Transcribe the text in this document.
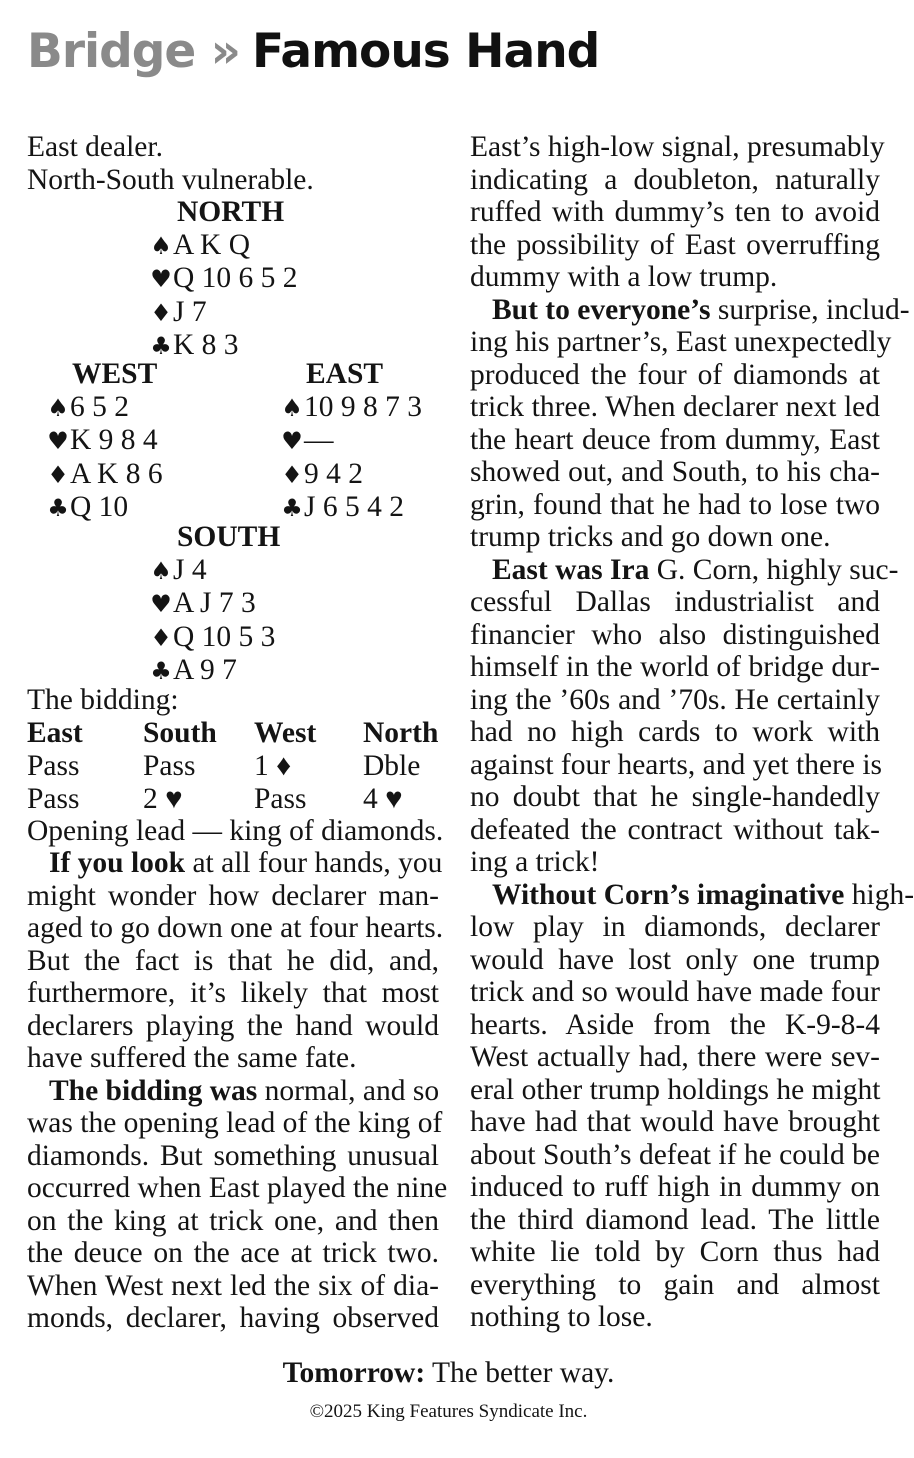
Bridge » Famous Hand
East dealer.
North-South vulnerable.
NORTH
♠A K Q
♥Q 10 6 5 2
♦J 7
♣K 8 3
WEST
♠6 5 2
♥K 9 8 4
♦A K 8 6
♣Q 10
EAST
♠10 9 8 7 3
♥—
♦9 4 2
♣J 6 5 4 2
SOUTH
♠J 4
♥A J 7 3
♦Q 10 5 3
♣A 9 7
The bidding:
East South West North
Pass Pass 1 ♦ Dble
Pass 2 ♥ Pass 4 ♥
Opening lead — king of diamonds.
If you look at all four hands, you
might wonder how declarer man-
aged to go down one at four hearts.
But the fact is that he did, and,
furthermore, it’s likely that most
declarers playing the hand would
have suffered the same fate.
The bidding was normal, and so
was the opening lead of the king of
diamonds. But something unusual
occurred when East played the nine
on the king at trick one, and then
the deuce on the ace at trick two.
When West next led the six of dia-
monds, declarer, having observed
East’s high-low signal, presumably
indicating a doubleton, naturally
ruffed with dummy’s ten to avoid
the possibility of East overruffing
dummy with a low trump.
But to everyone’s surprise, includ-
ing his partner’s, East unexpectedly
produced the four of diamonds at
trick three. When declarer next led
the heart deuce from dummy, East
showed out, and South, to his cha-
grin, found that he had to lose two
trump tricks and go down one.
East was Ira G. Corn, highly suc-
cessful Dallas industrialist and
financier who also distinguished
himself in the world of bridge dur-
ing the ’60s and ’70s. He certainly
had no high cards to work with
against four hearts, and yet there is
no doubt that he single-handedly
defeated the contract without tak-
ing a trick!
Without Corn’s imaginative high-
low play in diamonds, declarer
would have lost only one trump
trick and so would have made four
hearts. Aside from the K-9-8-4
West actually had, there were sev-
eral other trump holdings he might
have had that would have brought
about South’s defeat if he could be
induced to ruff high in dummy on
the third diamond lead. The little
white lie told by Corn thus had
everything to gain and almost
nothing to lose.
Tomorrow: The better way.
©2025 King Features Syndicate Inc.
